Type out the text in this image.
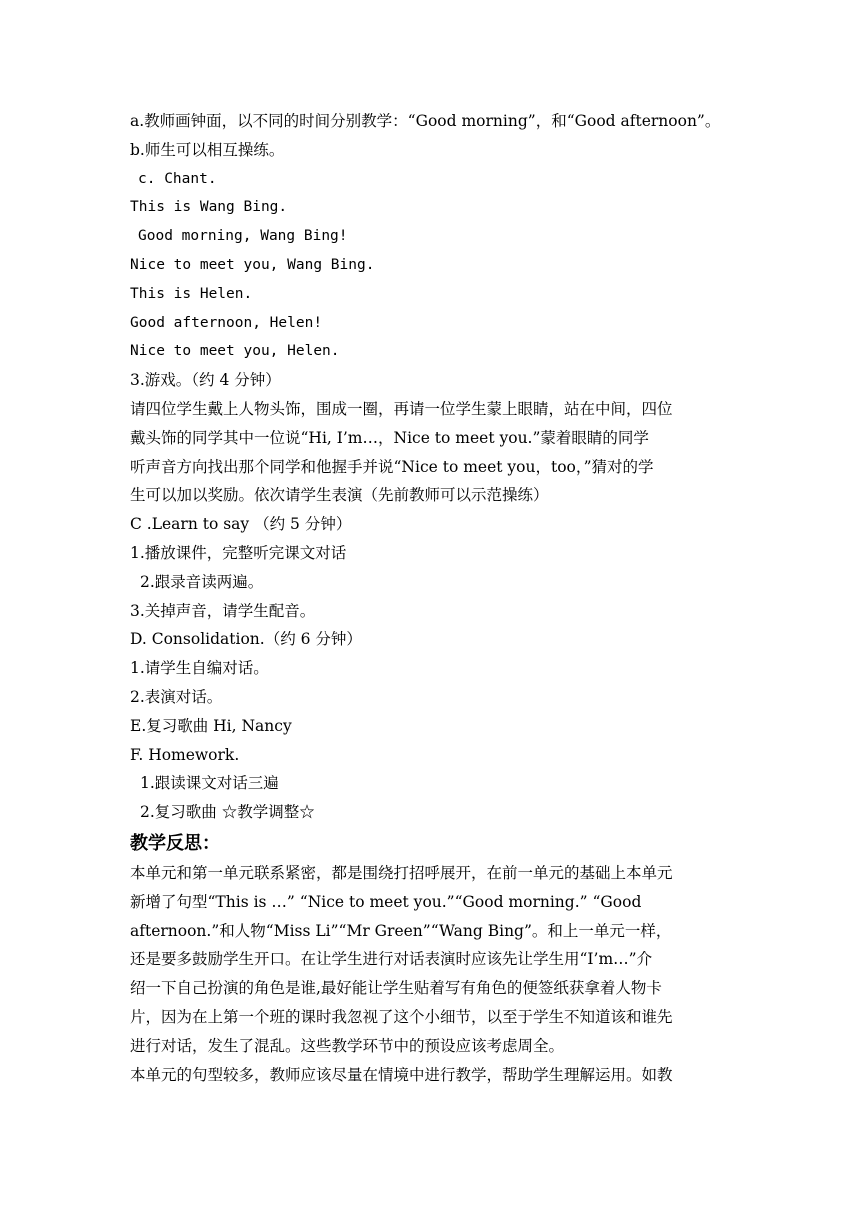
a.教师画钟面，以不同的时间分别教学：“Good morning”，和“Good afternoon”。
b.师生可以相互操练。
c. Chant.
This is Wang Bing.
Good morning, Wang Bing!
Nice to meet you, Wang Bing.
This is Helen.
Good afternoon, Helen!
Nice to meet you, Helen.
3.游戏。（约 4 分钟）
请四位学生戴上人物头饰，围成一圈，再请一位学生蒙上眼睛，站在中间，四位
戴头饰的同学其中一位说“Hi, I’m…，Nice to meet you.”蒙着眼睛的同学
听声音方向找出那个同学和他握手并说“Nice to meet you，too，”猜对的学
生可以加以奖励。依次请学生表演（先前教师可以示范操练）
C .Learn to say （约 5 分钟）
1.播放课件，完整听完课文对话
2.跟录音读两遍。
3.关掉声音，请学生配音。
D. Consolidation.（约 6 分钟）
1.请学生自编对话。
2.表演对话。
E.复习歌曲 Hi, Nancy
F. Homework.
1.跟读课文对话三遍
2.复习歌曲 ☆教学调整☆
教学反思：
本单元和第一单元联系紧密，都是围绕打招呼展开，在前一单元的基础上本单元
新增了句型“This is …” “Nice to meet you.”“Good morning.” “Good
afternoon.”和人物“Miss Li”“Mr Green”“Wang Bing”。和上一单元一样，
还是要多鼓励学生开口。在让学生进行对话表演时应该先让学生用“I’m…”介
绍一下自己扮演的角色是谁,最好能让学生贴着写有角色的便签纸获拿着人物卡
片，因为在上第一个班的课时我忽视了这个小细节，以至于学生不知道该和谁先
进行对话，发生了混乱。这些教学环节中的预设应该考虑周全。
本单元的句型较多，教师应该尽量在情境中进行教学，帮助学生理解运用。如教
